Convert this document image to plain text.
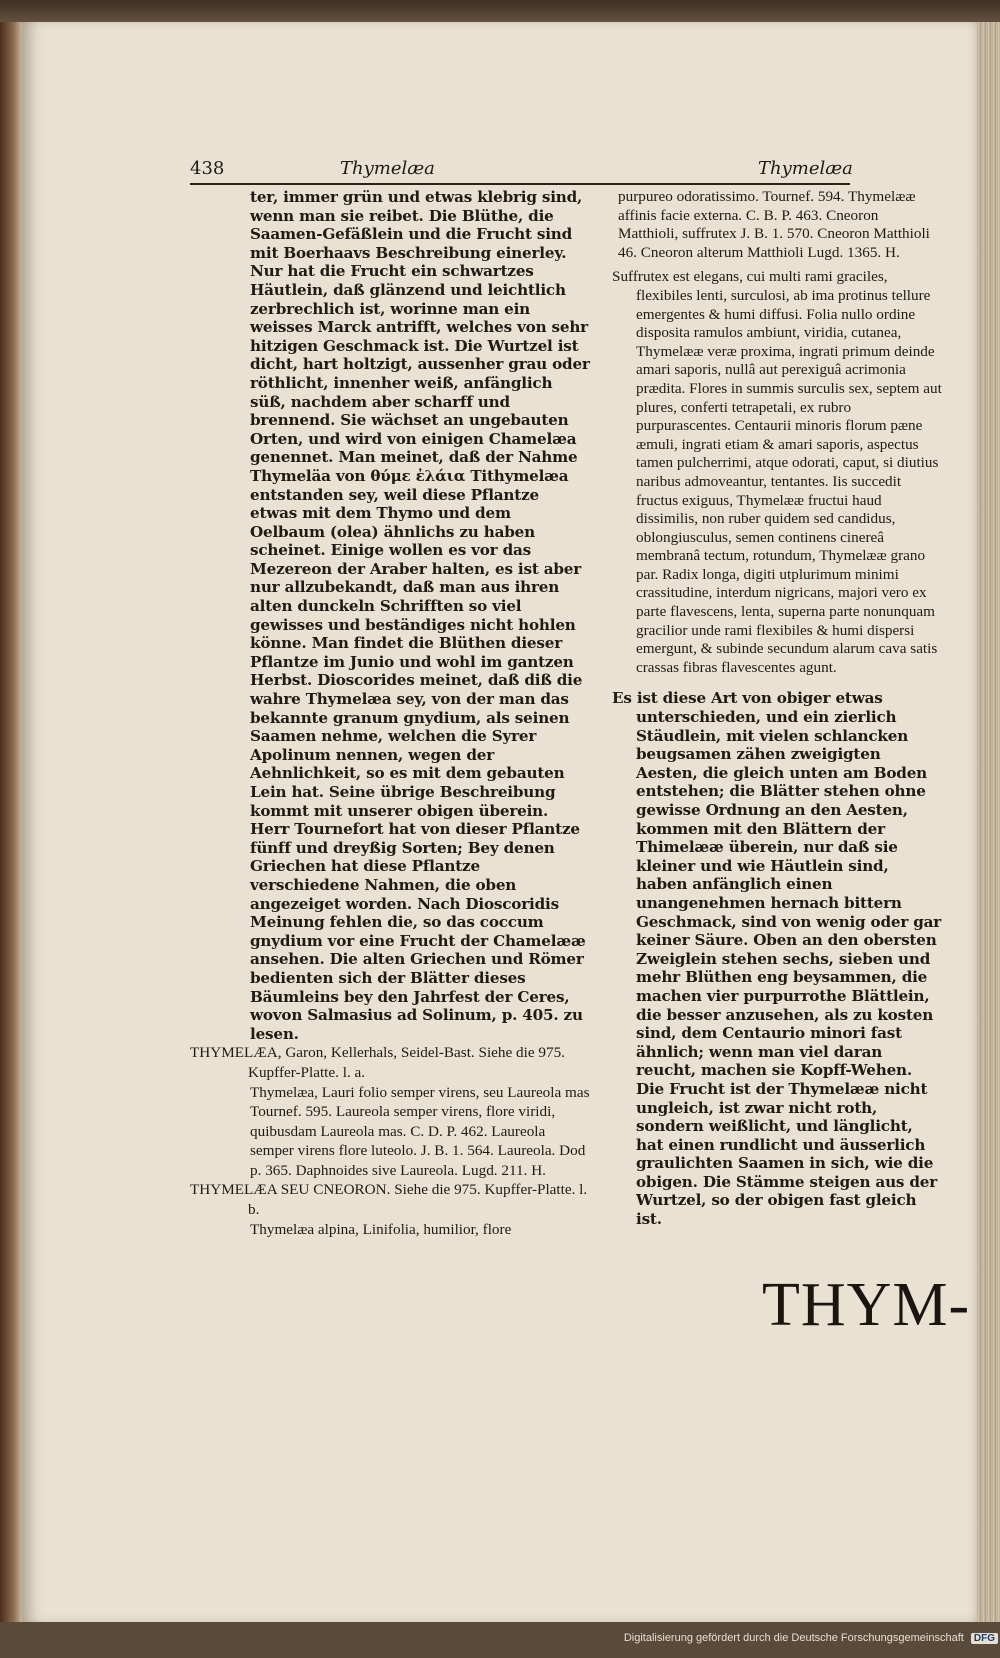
438	Thymelæa	Thymelæa

ter, immer grün und etwas klebrig sind, wenn man sie reibet. Die Blüthe, die Saamen-Gefäßlein und die Frucht sind mit Boerhaavs Beschreibung einerley. Nur hat die Frucht ein schwartzes Häutlein, daß glänzend und leichtlich zerbrechlich ist, worinne man ein weisses Marck antrifft, welches von sehr hitzigen Geschmack ist. Die Wurtzel ist dicht, hart holtzigt, aussenher grau oder röthlicht, innenher weiß, anfänglich süß, nachdem aber scharff und brennend. Sie wächset an ungebauten Orten, und wird von einigen Chamelæa genennet. Man meinet, daß der Nahme Thymeläa von θύμε ἐλάια Tithymelæa entstanden sey, weil diese Pflantze etwas mit dem Thymo und dem Oelbaum (olea) ähnlichs zu haben scheinet. Einige wollen es vor das Mezereon der Araber halten, es ist aber nur allzubekandt, daß man aus ihren alten dunckeln Schrifften so viel gewisses und beständiges nicht hohlen könne. Man findet die Blüthen dieser Pflantze im Junio und wohl im gantzen Herbst. Dioscorides meinet, daß diß die wahre Thymelæa sey, von der man das bekannte granum gnydium, als seinen Saamen nehme, welchen die Syrer Apolinum nennen, wegen der Aehnlichkeit, so es mit dem gebauten Lein hat. Seine übrige Beschreibung kommt mit unserer obigen überein. Herr Tournefort hat von dieser Pflantze fünff und dreyßig Sorten; Bey denen Griechen hat diese Pflantze verschiedene Nahmen, die oben angezeiget worden. Nach Dioscoridis Meinung fehlen die, so das coccum gnydium vor eine Frucht der Chamelææ ansehen. Die alten Griechen und Römer bedienten sich der Blätter dieses Bäumleins bey den Jahrfest der Ceres, wovon Salmasius ad Solinum, p. 405. zu lesen.

THYMELÆA, Garon, Kellerhals, Seidel-Bast. Siehe die 975. Kupffer-Platte. l. a.

Thymelæa, Lauri folio semper virens, seu Laureola mas Tournef. 595. Laureola semper virens, flore viridi, quibusdam Laureola mas. C. D. P. 462. Laureola semper virens flore luteolo. J. B. 1. 564. Laureola. Dod p. 365. Daphnoides sive Laureola. Lugd. 211. H.

THYMELÆA SEU CNEORON. Siehe die 975. Kupffer-Platte. l. b.

Thymelæa alpina, Linifolia, humilior, flore

purpureo odoratissimo. Tournef. 594. Thymelææ affinis facie externa. C. B. P. 463. Cneoron Matthioli, suffrutex J. B. 1. 570. Cneoron Matthioli 46. Cneoron alterum Matthioli Lugd. 1365. H.

Suffrutex est elegans, cui multi rami graciles, flexibiles lenti, surculosi, ab ima protinus tellure emergentes & humi diffusi. Folia nullo ordine disposita ramulos ambiunt, viridia, cutanea, Thymelææ veræ proxima, ingrati primum deinde amari saporis, nullâ aut perexiguâ acrimonia prædita. Flores in summis surculis sex, septem aut plures, conferti tetrapetali, ex rubro purpurascentes. Centaurii minoris florum pæne æmuli, ingrati etiam & amari saporis, aspectus tamen pulcherrimi, atque odorati, caput, si diutius naribus admoveantur, tentantes. Iis succedit fructus exiguus, Thymelææ fructui haud dissimilis, non ruber quidem sed candidus, oblongiusculus, semen continens cinereâ membranâ tectum, rotundum, Thymelææ grano par. Radix longa, digiti utplurimum minimi crassitudine, interdum nigricans, majori vero ex parte flavescens, lenta, superna parte nonunquam gracilior unde rami flexibiles & humi dispersi emergunt, & subinde secundum alarum cava satis crassas fibras flavescentes agunt.

Es ist diese Art von obiger etwas unterschieden, und ein zierlich Stäudlein, mit vielen schlancken beugsamen zähen zweigigten Aesten, die gleich unten am Boden entstehen; die Blätter stehen ohne gewisse Ordnung an den Aesten, kommen mit den Blättern der Thimelææ überein, nur daß sie kleiner und wie Häutlein sind, haben anfänglich einen unangenehmen hernach bittern Geschmack, sind von wenig oder gar keiner Säure. Oben an den obersten Zweiglein stehen sechs, sieben und mehr Blüthen eng beysammen, die machen vier purpurrothe Blättlein, die besser anzusehen, als zu kosten sind, dem Centaurio minori fast ähnlich; wenn man viel daran reucht, machen sie Kopff-Wehen. Die Frucht ist der Thymelææ nicht ungleich, ist zwar nicht roth, sondern weißlicht, und länglicht, hat einen rundlicht und äusserlich graulichten Saamen in sich, wie die obigen. Die Stämme steigen aus der Wurtzel, so der obigen fast gleich ist.

THYM-
Digitalisierung gefördert durch die Deutsche Forschungsgemeinschaft DFG
